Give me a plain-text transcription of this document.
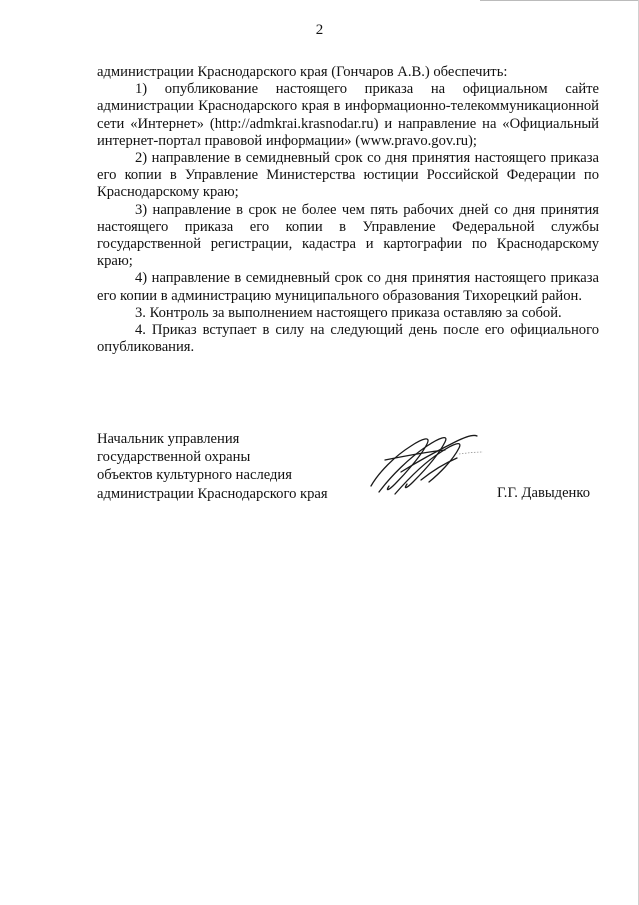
2

администрации Краснодарского края (Гончаров А.В.) обеспечить:

1) опубликование настоящего приказа на официальном сайте администрации Краснодарского края в информационно-телекоммуникационной сети «Интернет» (http://admkrai.krasnodar.ru) и направление на «Официальный интернет-портал правовой информации» (www.pravo.gov.ru);

2) направление в семидневный срок со дня принятия настоящего приказа его копии в Управление Министерства юстиции Российской Федерации по Краснодарскому краю;

3) направление в срок не более чем пять рабочих дней со дня принятия настоящего приказа его копии в Управление Федеральной службы государственной регистрации, кадастра и картографии по Краснодарскому краю;

4) направление в семидневный срок со дня принятия настоящего приказа его копии в администрацию муниципального образования Тихорецкий район.

3. Контроль за выполнением настоящего приказа оставляю за собой.

4. Приказ вступает в силу на следующий день после его официального опубликования.

Начальник управления
государственной охраны
объектов культурного наследия
администрации Краснодарского края	Г.Г. Давыденко
